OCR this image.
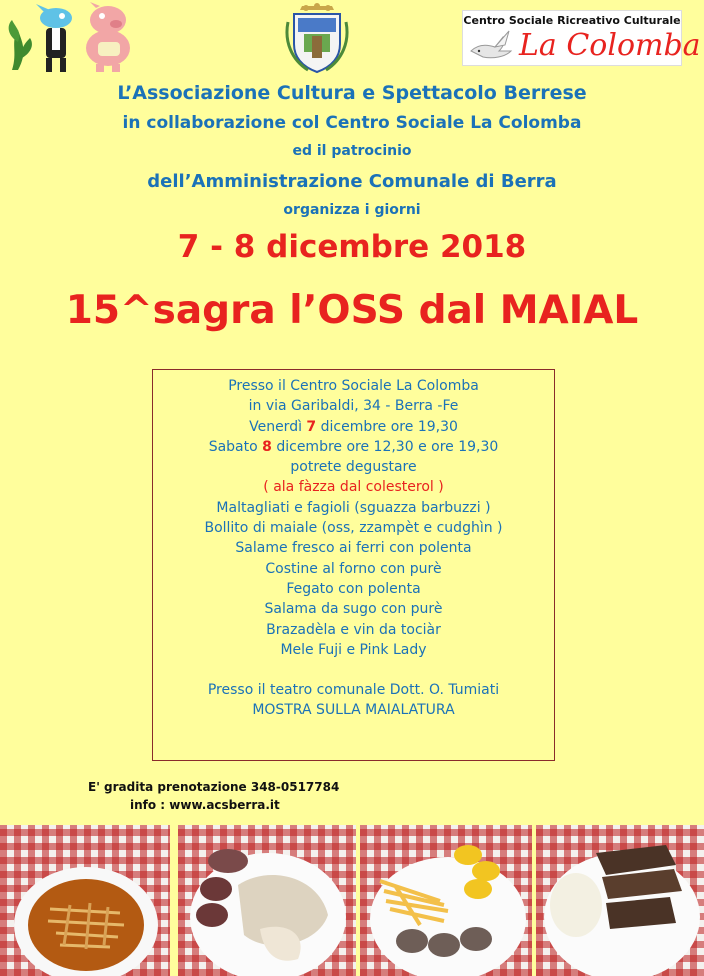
Centro Sociale Ricreativo Culturale
La Colomba
L’Associazione Cultura e Spettacolo Berrese
in collaborazione col Centro Sociale La Colomba
ed il patrocinio
dell’Amministrazione Comunale di Berra
organizza i giorni
7 - 8 dicembre 2018
15^sagra l’OSS dal MAIAL
Presso il Centro Sociale La Colomba
in via Garibaldi, 34 - Berra -Fe
Venerdì 7 dicembre ore 19,30
Sabato 8 dicembre ore 12,30 e ore 19,30
potrete degustare
( ala fàzza dal colesterol )
Maltagliati e fagioli (sguazza barbuzzi )
Bollito di maiale (oss, zzampèt e cudghìn )
Salame fresco ai ferri con polenta
Costine al forno con purè
Fegato con polenta
Salama da sugo con purè
Brazadèla e vin da tociàr
Mele Fuji e Pink Lady
Presso il teatro comunale Dott. O. Tumiati
MOSTRA SULLA MAIALATURA
E' gradita prenotazione 348-0517784
info : www.acsberra.it
